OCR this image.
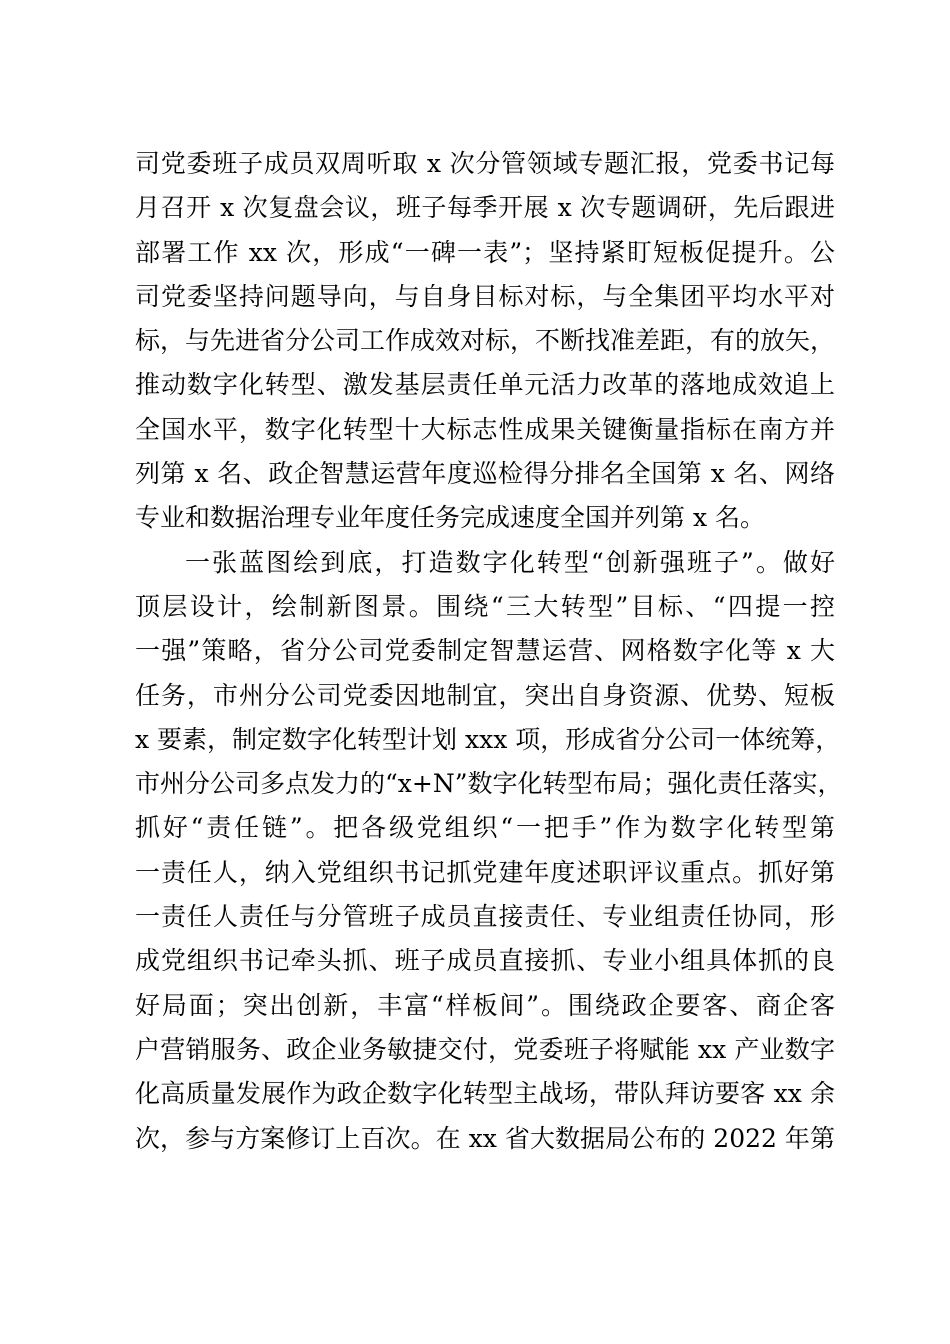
司党委班子成员双周听取 x 次分管领域专题汇报，党委书记每
月召开 x 次复盘会议，班子每季开展 x 次专题调研，先后跟进
部署工作 xx 次，形成“一碑一表”；坚持紧盯短板促提升。公
司党委坚持问题导向，与自身目标对标，与全集团平均水平对
标，与先进省分公司工作成效对标，不断找准差距，有的放矢，
推动数字化转型、激发基层责任单元活力改革的落地成效追上
全国水平，数字化转型十大标志性成果关键衡量指标在南方并
列第 x 名、政企智慧运营年度巡检得分排名全国第 x 名、网络
专业和数据治理专业年度任务完成速度全国并列第 x 名。
一张蓝图绘到底，打造数字化转型“创新强班子”。做好
顶层设计，绘制新图景。围绕“三大转型”目标、“四提一控
一强”策略，省分公司党委制定智慧运营、网格数字化等 x 大
任务，市州分公司党委因地制宜，突出自身资源、优势、短板
x 要素，制定数字化转型计划 xxx 项，形成省分公司一体统筹，
市州分公司多点发力的“x+N”数字化转型布局；强化责任落实，
抓好“责任链”。把各级党组织“一把手”作为数字化转型第
一责任人，纳入党组织书记抓党建年度述职评议重点。抓好第
一责任人责任与分管班子成员直接责任、专业组责任协同，形
成党组织书记牵头抓、班子成员直接抓、专业小组具体抓的良
好局面；突出创新，丰富“样板间”。围绕政企要客、商企客
户营销服务、政企业务敏捷交付，党委班子将赋能 xx 产业数字
化高质量发展作为政企数字化转型主战场，带队拜访要客 xx 余
次，参与方案修订上百次。在 xx 省大数据局公布的 2022 年第
